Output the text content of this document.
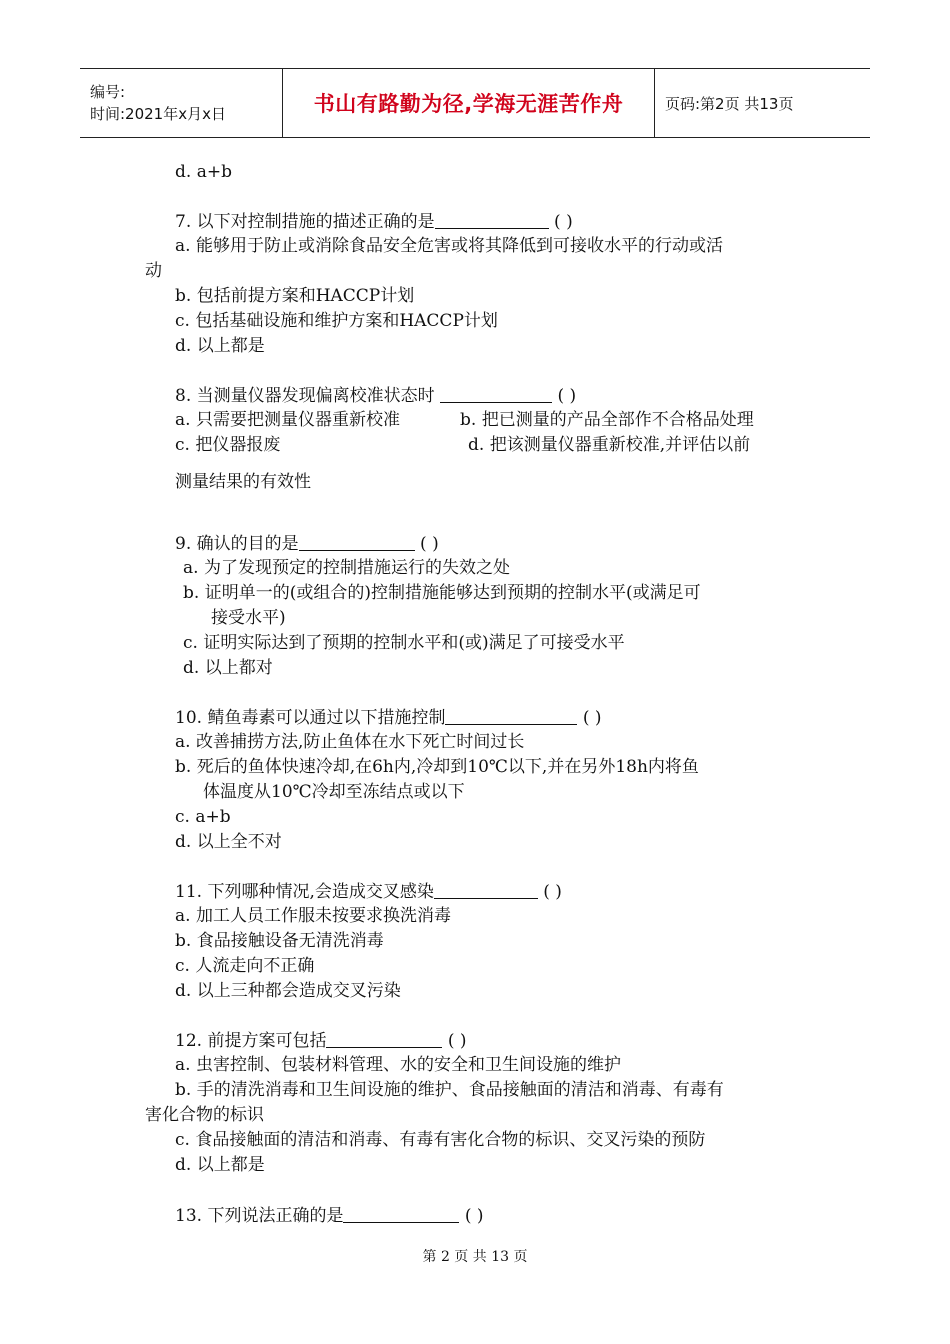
编号:
时间:2021年x月x日	书山有路勤为径,学海无涯苦作舟	页码:第2页 共13页
d. a+b
7. 以下对控制措施的描述正确的是	( )
a. 能够用于防止或消除食品安全危害或将其降低到可接收水平的行动或活
动
b. 包括前提方案和HACCP计划
c. 包括基础设施和维护方案和HACCP计划
d. 以上都是
8. 当测量仪器发现偏离校准状态时	( )
a. 只需要把测量仪器重新校准	b. 把已测量的产品全部作不合格品处理
c. 把仪器报废	d. 把该测量仪器重新校准,并评估以前
测量结果的有效性
9. 确认的目的是	( )
a. 为了发现预定的控制措施运行的失效之处
b. 证明单一的(或组合的)控制措施能够达到预期的控制水平(或满足可
接受水平)
c. 证明实际达到了预期的控制水平和(或)满足了可接受水平
d. 以上都对
10. 鲭鱼毒素可以通过以下措施控制	( )
a. 改善捕捞方法,防止鱼体在水下死亡时间过长
b. 死后的鱼体快速冷却,在6h内,冷却到10℃以下,并在另外18h内将鱼
体温度从10℃冷却至冻结点或以下
c. a+b
d. 以上全不对
11. 下列哪种情况,会造成交叉感染	( )
a. 加工人员工作服未按要求换洗消毒
b. 食品接触设备无清洗消毒
c. 人流走向不正确
d. 以上三种都会造成交叉污染
12. 前提方案可包括	( )
a. 虫害控制、包装材料管理、水的安全和卫生间设施的维护
b. 手的清洗消毒和卫生间设施的维护、食品接触面的清洁和消毒、有毒有
害化合物的标识
c. 食品接触面的清洁和消毒、有毒有害化合物的标识、交叉污染的预防
d. 以上都是
13. 下列说法正确的是	( )
第 2 页 共 13 页
